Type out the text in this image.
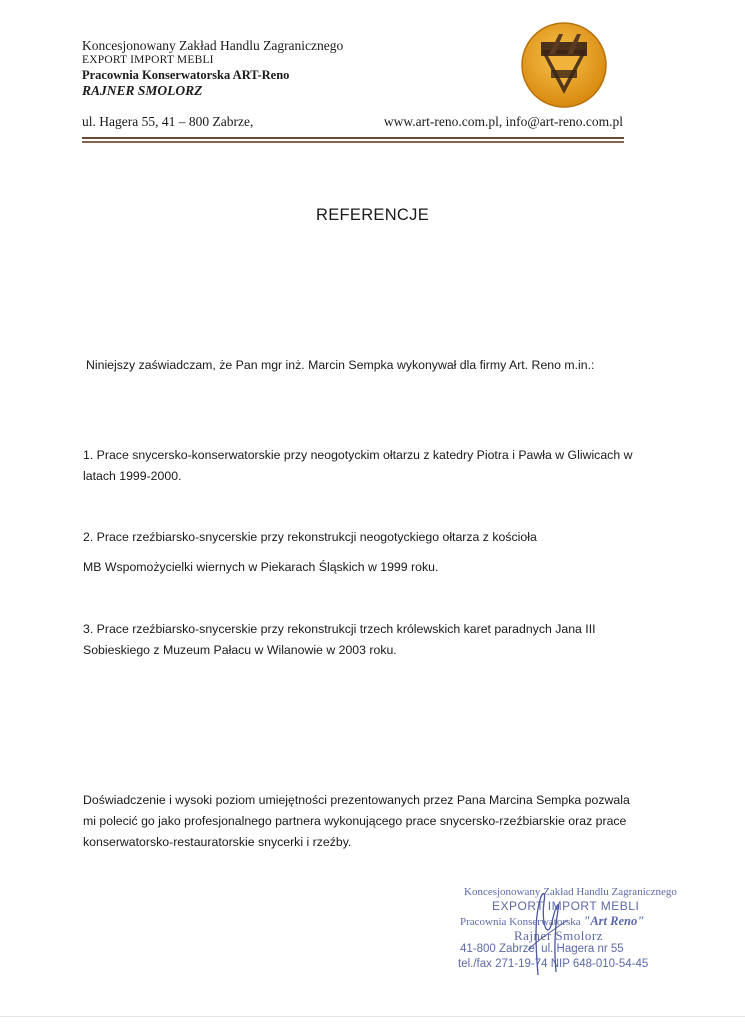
Koncesjonowany Zakład Handlu Zagranicznego
EXPORT IMPORT MEBLI
Pracownia Konserwatorska ART-Reno
RAJNER SMOLORZ
ul. Hagera 55, 41 – 800 Zabrze,	www.art-reno.com.pl, info@art-reno.com.pl
REFERENCJE
Niniejszy zaświadczam, że Pan mgr inż. Marcin Sempka wykonywał dla firmy Art. Reno m.in.:
1. Prace snycersko-konserwatorskie przy neogotyckim ołtarzu z katedry Piotra i Pawła w Gliwicach w latach 1999-2000.
2. Prace rzeźbiarsko-snycerskie przy rekonstrukcji neogotyckiego ołtarza z kościoła
MB Wspomożycielki wiernych w Piekarach Śląskich w 1999 roku.
3. Prace rzeźbiarsko-snycerskie przy rekonstrukcji trzech królewskich karet paradnych Jana III Sobieskiego z Muzeum Pałacu w Wilanowie w 2003 roku.
Doświadczenie i wysoki poziom umiejętności prezentowanych przez Pana Marcina Sempka pozwala mi polecić go jako profesjonalnego partnera wykonującego prace snycersko-rzeźbiarskie oraz prace konserwatorsko-restauratorskie snycerki i rzeźby.
Koncesjonowany Zakład Handlu Zagranicznego
EXPORT IMPORT MEBLI
Pracownia Konserwatorska "Art Reno"
Rajner Smolorz
41-800 Zabrze, ul. Hagera nr 55
tel./fax 271-19-74 NIP 648-010-54-45
